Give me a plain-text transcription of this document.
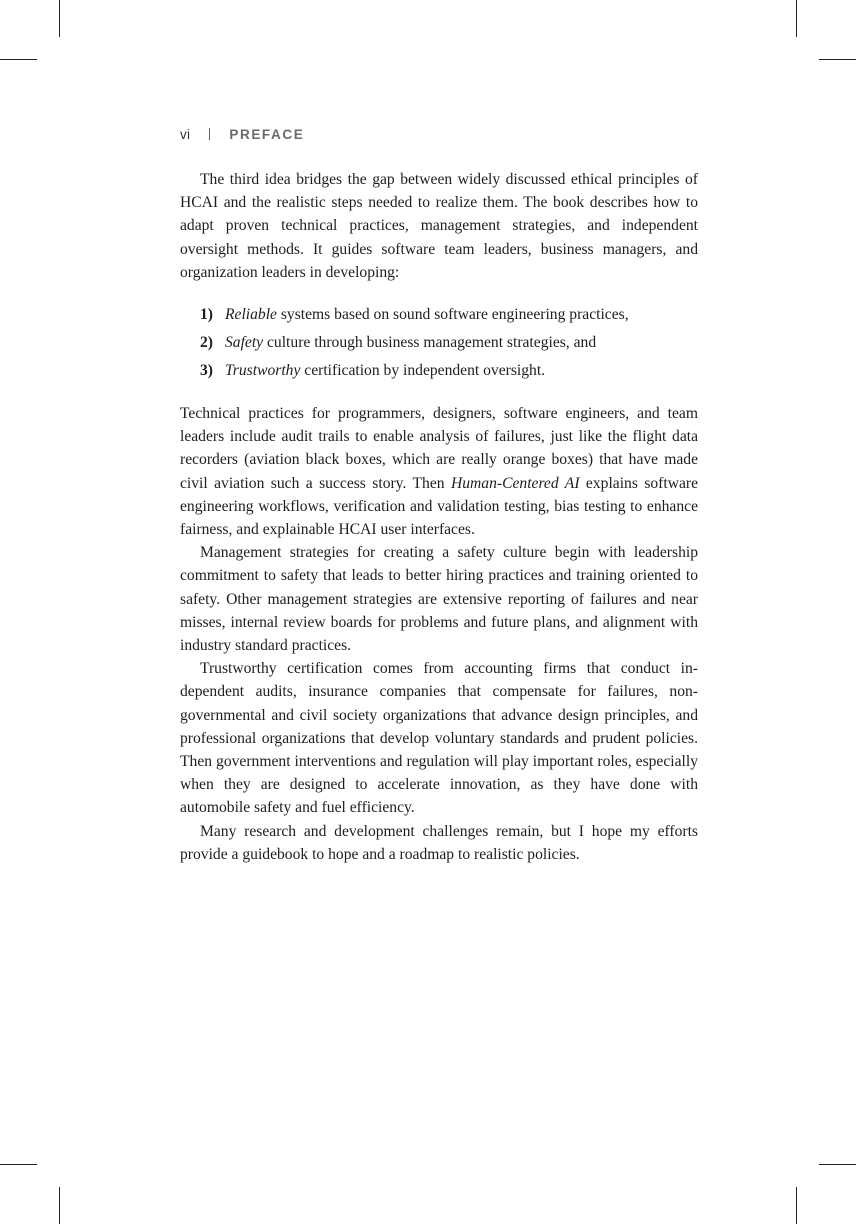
vi	PREFACE

The third idea bridges the gap between widely discussed ethical principles of HCAI and the realistic steps needed to realize them. The book describes how to adapt proven technical practices, management strategies, and independent oversight methods. It guides software team leaders, business managers, and organization leaders in developing:

1) Reliable systems based on sound software engineering practices,
2) Safety culture through business management strategies, and
3) Trustworthy certification by independent oversight.

Technical practices for programmers, designers, software engineers, and team leaders include audit trails to enable analysis of failures, just like the flight data recorders (aviation black boxes, which are really orange boxes) that have made civil aviation such a success story. Then Human-Centered AI explains software engineering workflows, verification and validation testing, bias testing to enhance fairness, and explainable HCAI user interfaces.

Management strategies for creating a safety culture begin with leadership commitment to safety that leads to better hiring practices and training oriented to safety. Other management strategies are extensive reporting of failures and near misses, internal review boards for problems and future plans, and alignment with industry standard practices.

Trustworthy certification comes from accounting firms that conduct independent audits, insurance companies that compensate for failures, non-governmental and civil society organizations that advance design principles, and professional organizations that develop voluntary standards and prudent policies. Then government interventions and regulation will play important roles, especially when they are designed to accelerate innovation, as they have done with automobile safety and fuel efficiency.

Many research and development challenges remain, but I hope my efforts provide a guidebook to hope and a roadmap to realistic policies.
